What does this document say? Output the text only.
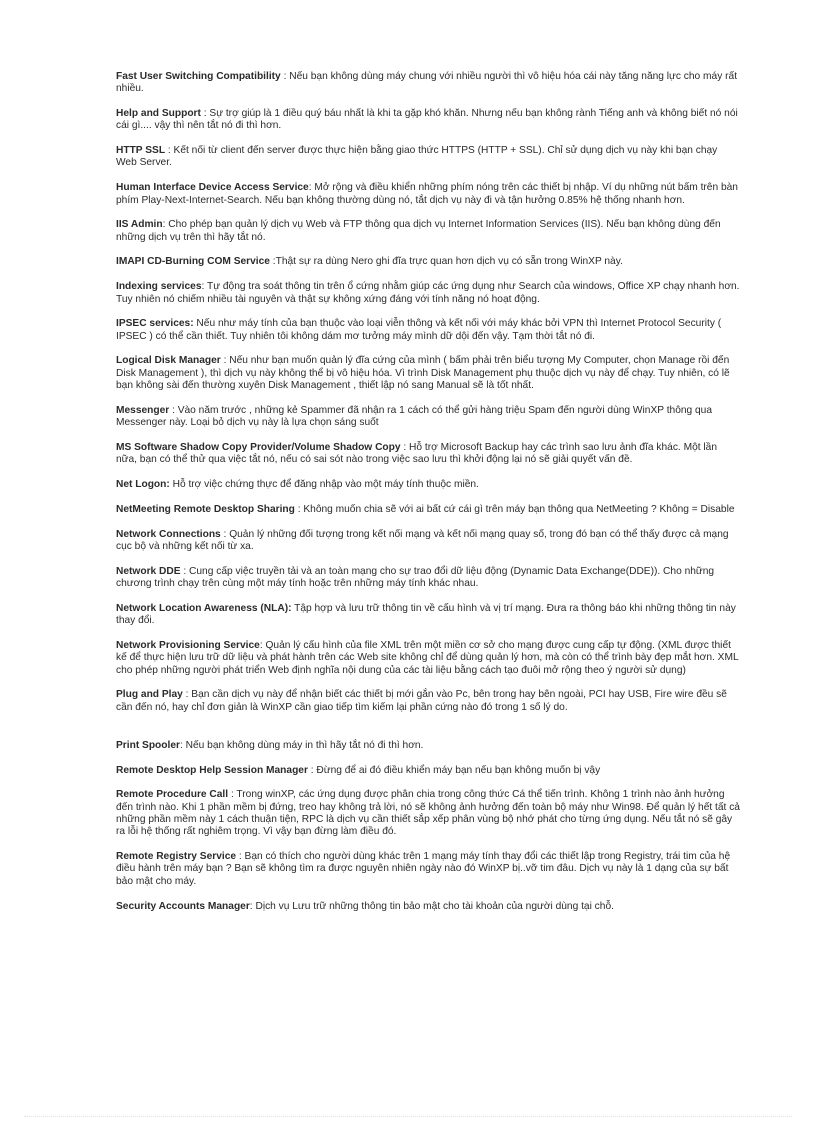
Fast User Switching Compatibility : Nếu bạn không dùng máy chung với nhiều người thì vô hiệu hóa cái này tăng năng lực cho máy rất nhiều.

Help and Support : Sự trợ giúp là 1 điều quý báu nhất là khi ta gặp khó khăn. Nhưng nếu bạn không rành Tiếng anh và không biết nó nói cái gì.... vậy thì nên tắt nó đi thì hơn.

HTTP SSL : Kết nối từ client đến server được thực hiện bằng giao thức HTTPS (HTTP + SSL). Chỉ sử dụng dịch vụ này khi bạn chạy Web Server.

Human Interface Device Access Service: Mở rộng và điều khiển những phím nóng trên các thiết bị nhập. Ví dụ những nút bấm trên bàn phím Play-Next-Internet-Search. Nếu bạn không thường dùng nó, tắt dịch vụ này đi và tận hưởng 0.85% hệ thống nhanh hơn.

IIS Admin: Cho phép bạn quản lý dịch vụ Web và FTP thông qua dịch vụ Internet Information Services (IIS). Nếu bạn không dùng đến những dịch vụ trên thì hãy tắt nó.

IMAPI CD-Burning COM Service :Thật sự ra dùng Nero ghi đĩa trực quan hơn dịch vụ có sẵn trong WinXP này.

Indexing services: Tự động tra soát thông tin trên ổ cứng nhằm giúp các ứng dụng như Search của windows, Office XP chạy nhanh hơn. Tuy nhiên nó chiếm nhiều tài nguyên và thật sự không xứng đáng với tính năng nó hoạt động.

IPSEC services: Nếu như máy tính của bạn thuộc vào loại viễn thông và kết nối với máy khác bởi VPN thì Internet Protocol Security ( IPSEC ) có thể cần thiết. Tuy nhiên tôi không dám mơ tưởng máy mình dữ dội đến vậy. Tạm thời tắt nó đi.

Logical Disk Manager : Nếu như bạn muốn quản lý đĩa cứng của mình ( bấm phải trên biểu tượng My Computer, chọn Manage rồi đến Disk Management ), thì dịch vụ này không thể bị vô hiệu hóa. Vì trình Disk Management phụ thuộc dịch vụ này để chạy. Tuy nhiên, có lẽ bạn không sài đến thường xuyên Disk Management , thiết lập nó sang Manual sẽ là tốt nhất.

Messenger : Vào năm trước , những kẻ Spammer đã nhận ra 1 cách có thể gửi hàng triệu Spam đến người dùng WinXP thông qua Messenger này. Loại bỏ dịch vụ này là lựa chọn sáng suốt

MS Software Shadow Copy Provider/Volume Shadow Copy : Hỗ trợ Microsoft Backup hay các trình sao lưu ảnh đĩa khác. Một lần nữa, bạn có thể thử qua việc tắt nó, nếu có sai sót nào trong việc sao lưu thì khởi động lại nó sẽ giải quyết vấn đề.

Net Logon: Hỗ trợ việc chứng thực để đăng nhập vào một máy tính thuộc miền.

NetMeeting Remote Desktop Sharing : Không muốn chia sẽ với ai bất cứ cái gì trên máy bạn thông qua NetMeeting ? Không = Disable

Network Connections : Quản lý những đối tượng trong kết nối mạng và kết nối mạng quay số, trong đó bạn có thể thấy được cả mạng cục bộ và những kết nối từ xa.

Network DDE : Cung cấp việc truyền tải và an toàn mạng cho sự trao đổi dữ liệu động (Dynamic Data Exchange(DDE)). Cho những chương trình chạy trên cùng một máy tính hoặc trên những máy tính khác nhau.

Network Location Awareness (NLA): Tập hợp và lưu trữ thông tin về cấu hình và vị trí mạng. Đưa ra thông báo khi những thông tin này thay đổi.

Network Provisioning Service: Quản lý cấu hình của file XML trên một miền cơ sở cho mạng được cung cấp tự động. (XML được thiết kế để thực hiện lưu trữ dữ liệu và phát hành trên các Web site không chỉ để dùng quản lý hơn, mà còn có thể trình bày đẹp mắt hơn. XML cho phép những người phát triển Web định nghĩa nội dung của các tài liệu bằng cách tạo đuôi mở rộng theo ý người sử dụng)

Plug and Play : Bạn cần dịch vụ này để nhận biết các thiết bị mới gắn vào Pc, bên trong hay bên ngoài, PCI hay USB, Fire wire đều sẽ cần đến nó, hay chỉ đơn giản là WinXP cần giao tiếp tìm kiếm lại phần cứng nào đó trong 1 số lý do.

Print Spooler: Nếu bạn không dùng máy in thì hãy tắt nó đi thì hơn.

Remote Desktop Help Session Manager : Đừng để ai đó điều khiển máy bạn nếu bạn không muốn bị vậy

Remote Procedure Call : Trong winXP, các ứng dụng được phân chia trong công thức Cá thể tiến trình. Không 1 trình nào ảnh hưởng đến trình nào. Khi 1 phần mềm bị đứng, treo hay không trả lời, nó sẽ không ảnh hưởng đến toàn bộ máy như Win98. Để quản lý hết tất cả những phần mềm này 1 cách thuận tiện, RPC là dịch vụ cần thiết sắp xếp phân vùng bộ nhớ phát cho từng ứng dụng. Nếu tắt nó sẽ gây ra lỗi hệ thống rất nghiêm trọng. Vì vậy bạn đừng làm điều đó.

Remote Registry Service : Bạn có thích cho người dùng khác trên 1 mạng máy tính thay đổi các thiết lập trong Registry, trái tim của hệ điều hành trên máy bạn ? Bạn sẽ không tìm ra được nguyên nhiên ngày nào đó WinXP bị..vỡ tim đâu. Dịch vụ này là 1 dạng của sự bất bảo mật cho máy.

Security Accounts Manager: Dịch vụ Lưu trữ những thông tin bảo mật cho tài khoản của người dùng tại chỗ.
